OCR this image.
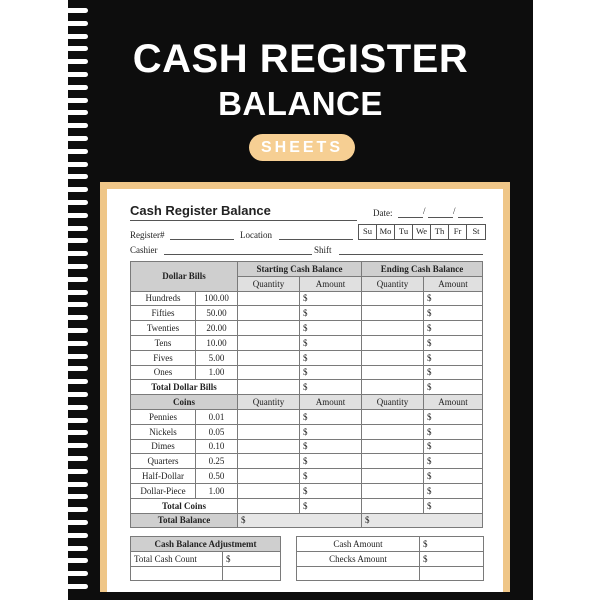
CASH REGISTER
BALANCE
SHEETS
Cash Register Balance	Date:	/	/
Register#	Location	Su Mo Tu We Th	Fr	St
Cashier	Shift
Dollar Bills		Starting Cash Balance		Ending Cash Balance	
		Quantity	Amount	Quantity	Amount
Hundreds	100.00		$		$
Fifties	50.00		$		$
Twenties	20.00		$		$
Tens	10.00		$		$
Fives	5.00		$		$
Ones	1.00		$		$
Total Dollar Bills			$		$
Coins		Quantity	Amount	Quantity	Amount
Pennies	0.01		$		$
Nickels	0.05		$		$
Dimes	0.10		$		$
Quarters	0.25		$		$
Half-Dollar	0.50		$		$
Dollar-Piece	1.00		$		$
Total Coins			$		$
Total Balance		$		$	
Cash Balance Adjustmemt	
Total Cash Count	$

Cash Amount	$
Checks Amount	$
